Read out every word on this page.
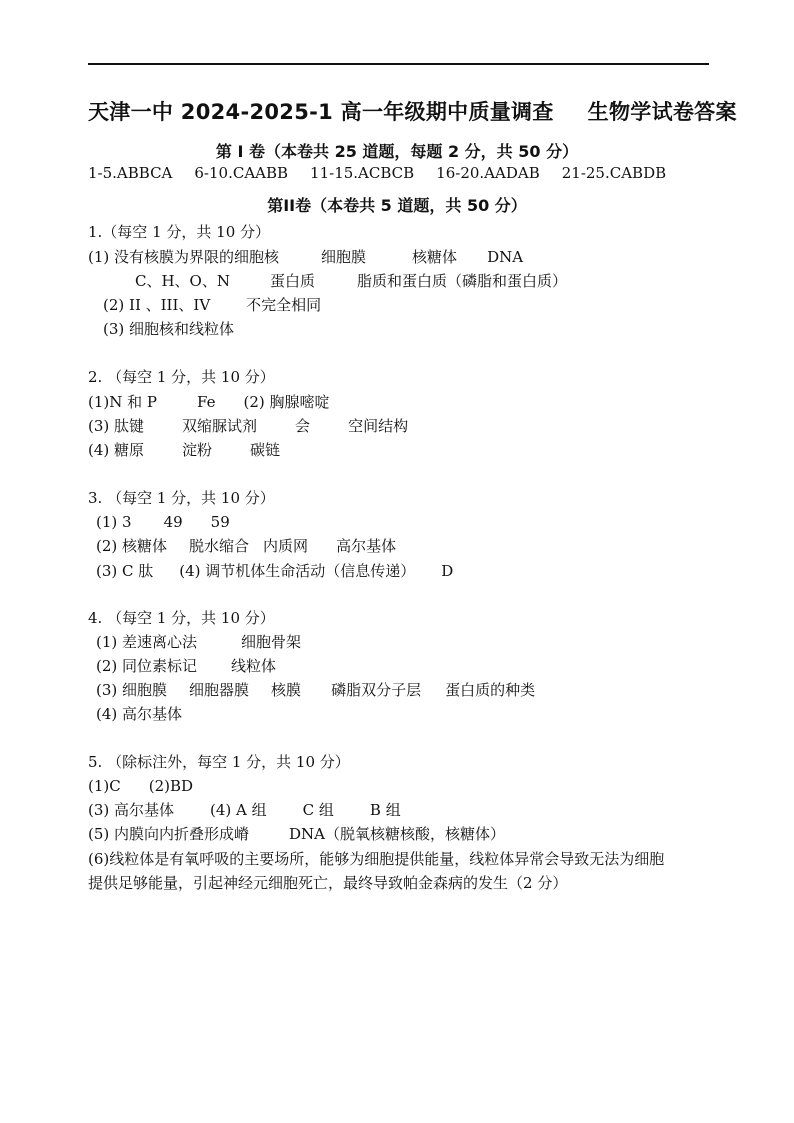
天津一中 2024-2025-1 高一年级期中质量调查 生物学试卷答案
第 I 卷（本卷共 25 道题，每题 2 分，共 50 分）
1-5.ABBCA 6-10.CAABB 11-15.ACBCB 16-20.AADAB 21-25.CABDB
第II卷（本卷共 5 道题，共 50 分）
1.（每空 1 分，共 10 分）
(1) 没有核膜为界限的细胞核	细胞膜	核糖体 DNA
C、H、O、N	蛋白质	脂质和蛋白质（磷脂和蛋白质）
(2) II 、III、IV 不完全相同
(3) 细胞核和线粒体
2. （每空 1 分，共 10 分）
(1)N 和 P	Fe (2) 胸腺嘧啶
(3) 肽键	双缩脲试剂	会	空间结构
(4) 糖原	淀粉	碳链
3. （每空 1 分，共 10 分）
(1) 3 49 59
(2) 核糖体 脱水缩合 内质网 高尔基体
(3) C 肽 (4) 调节机体生命活动（信息传递） D
4. （每空 1 分，共 10 分）
(1) 差速离心法	细胞骨架
(2) 同位素标记 线粒体
(3) 细胞膜 细胞器膜 核膜 磷脂双分子层 蛋白质的种类
(4) 高尔基体
5. （除标注外，每空 1 分，共 10 分）
(1)C (2)BD
(3) 高尔基体 (4) A 组 C 组 B 组
(5) 内膜向内折叠形成嵴	DNA（脱氧核糖核酸，核糖体）
(6)线粒体是有氧呼吸的主要场所，能够为细胞提供能量，线粒体异常会导致无法为细胞
提供足够能量，引起神经元细胞死亡，最终导致帕金森病的发生（2 分）
